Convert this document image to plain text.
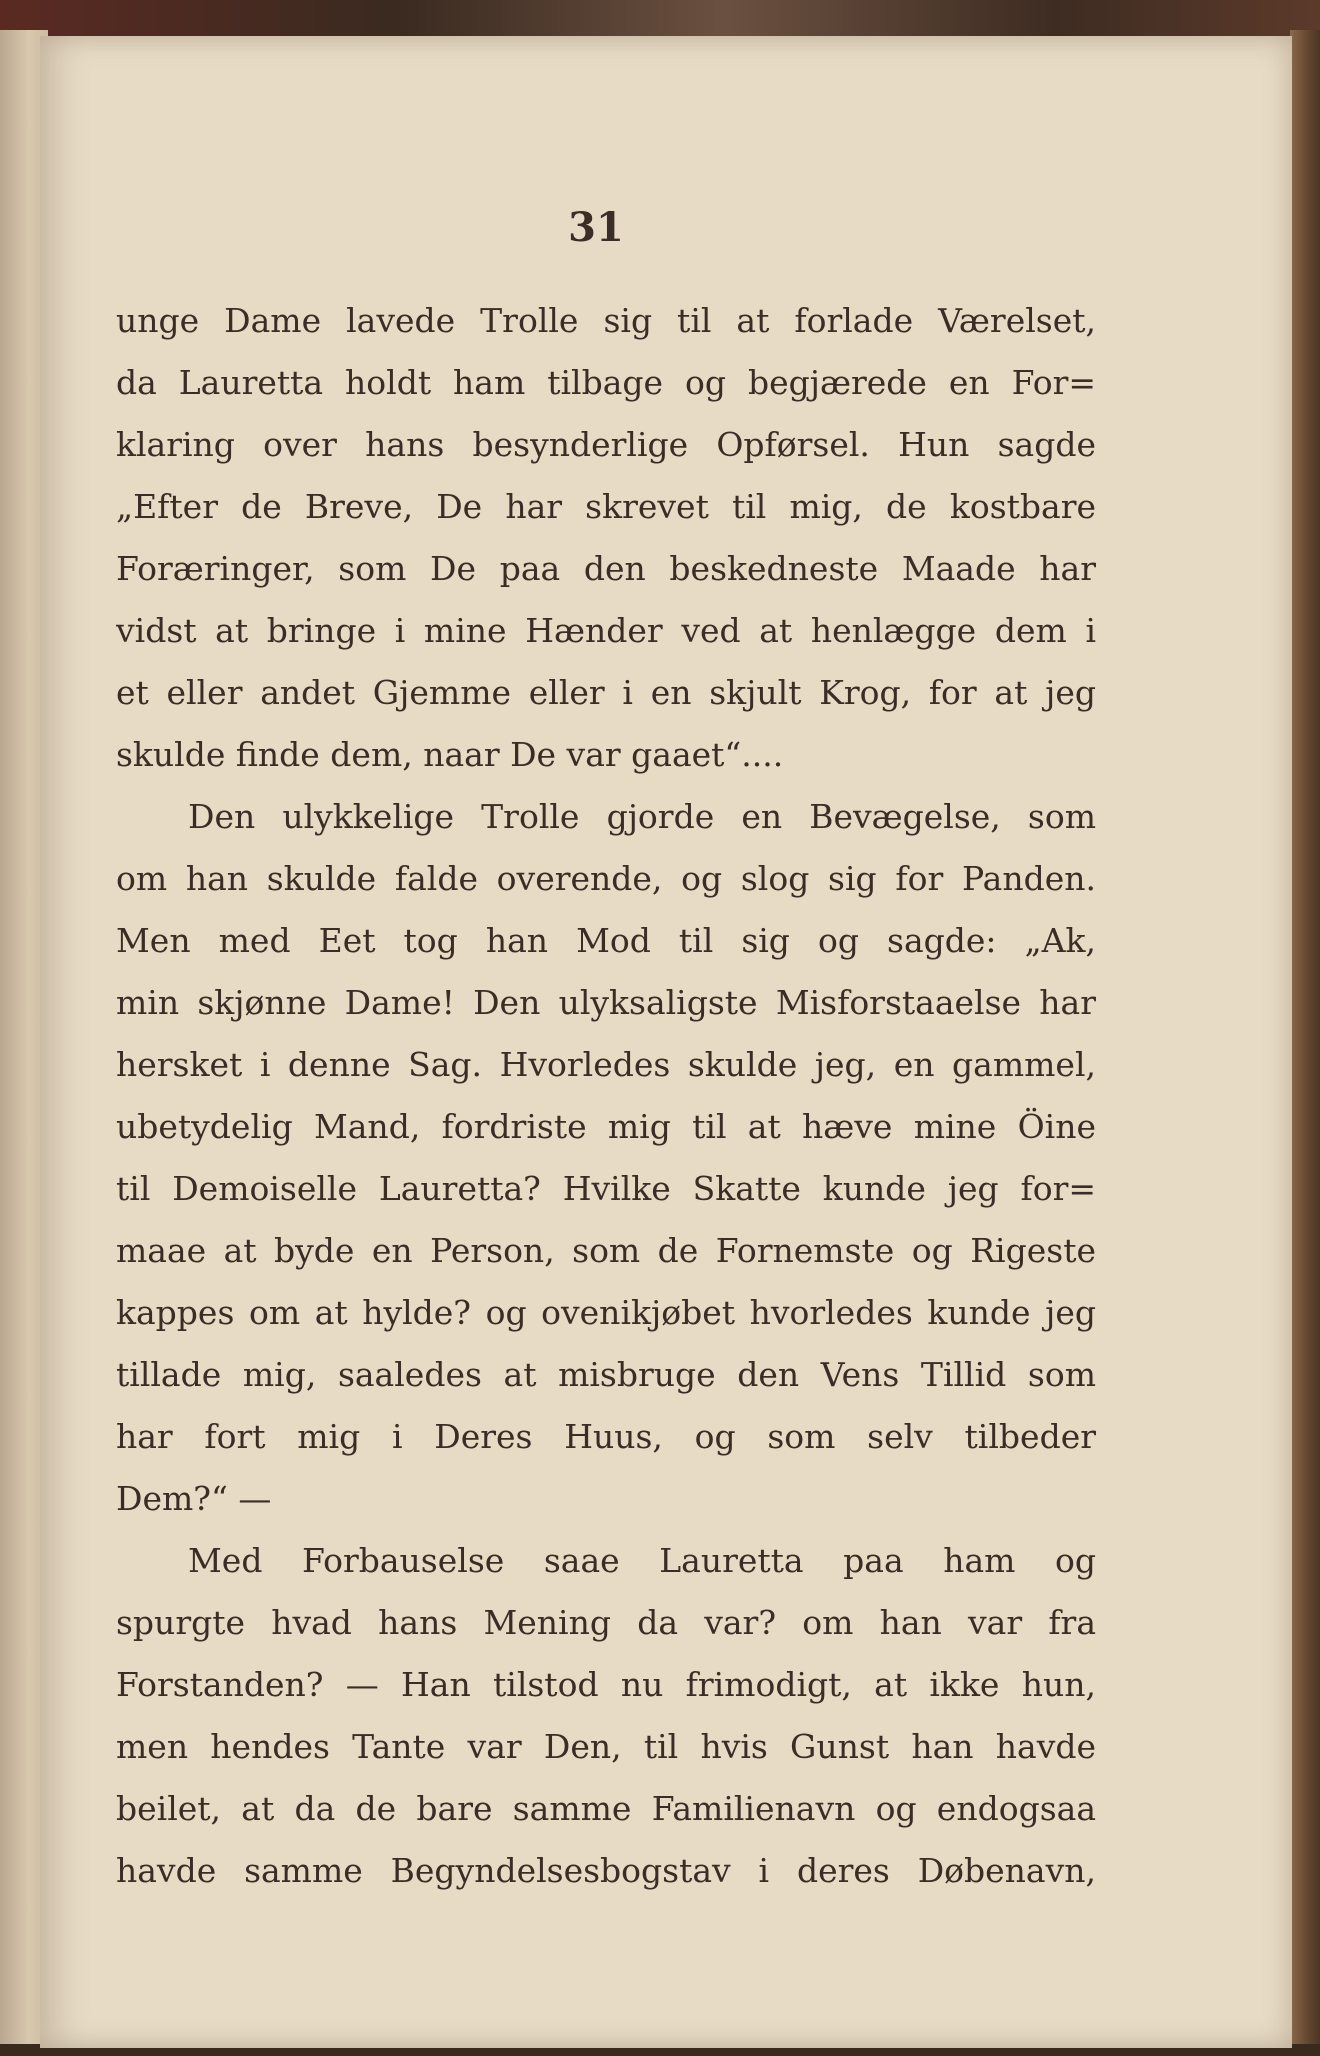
31
unge Dame lavede Trolle sig til at forlade Værelset,
da Lauretta holdt ham tilbage og begjærede en For=
klaring over hans besynderlige Opførsel. Hun sagde
„Efter de Breve, De har skrevet til mig, de kostbare
Foræringer, som De paa den beskedneste Maade har
vidst at bringe i mine Hænder ved at henlægge dem i
et eller andet Gjemme eller i en skjult Krog, for at jeg
skulde finde dem, naar De var gaaet“....
Den ulykkelige Trolle gjorde en Bevægelse, som
om han skulde falde overende, og slog sig for Panden.
Men med Eet tog han Mod til sig og sagde: „Ak,
min skjønne Dame! Den ulyksaligste Misforstaaelse har
hersket i denne Sag. Hvorledes skulde jeg, en gammel,
ubetydelig Mand, fordriste mig til at hæve mine Öine
til Demoiselle Lauretta? Hvilke Skatte kunde jeg for=
maae at byde en Person, som de Fornemste og Rigeste
kappes om at hylde? og ovenikjøbet hvorledes kunde jeg
tillade mig, saaledes at misbruge den Vens Tillid som
har fort mig i Deres Huus, og som selv tilbeder
Dem?“ —
Med Forbauselse saae Lauretta paa ham og
spurgte hvad hans Mening da var? om han var fra
Forstanden? — Han tilstod nu frimodigt, at ikke hun,
men hendes Tante var Den, til hvis Gunst han havde
beilet, at da de bare samme Familienavn og endogsaa
havde samme Begyndelsesbogstav i deres Døbenavn,
